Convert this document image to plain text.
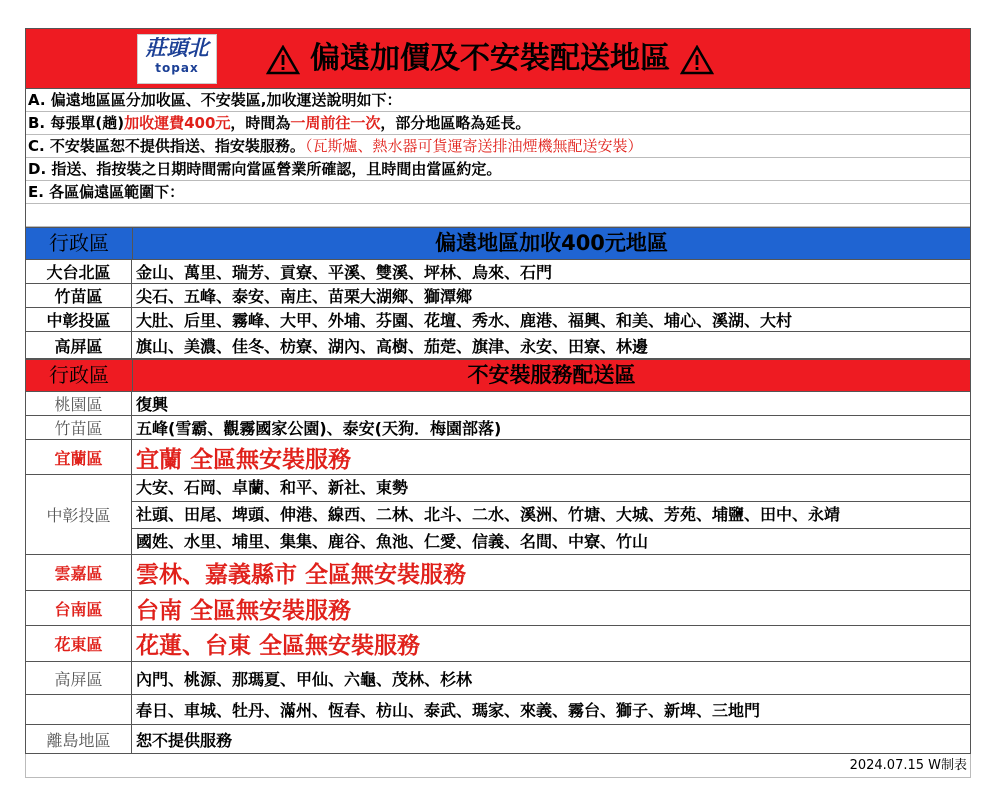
莊頭北
topax	偏遠加價及不安裝配送地區
A. 偏遠地區區分加收區、不安裝區,加收運送說明如下：
B. 每張單(趟)加收運費400元，時間為一周前往一次，部分地區略為延長。
C. 不安裝區恕不提供指送、指安裝服務。（瓦斯爐、熱水器可貨運寄送排油煙機無配送安裝）
D. 指送、指按裝之日期時間需向當區營業所確認，且時間由當區約定。
E. 各區偏遠區範圍下：
行政區	偏遠地區加收400元地區
大台北區	金山、萬里、瑞芳、貢寮、平溪、雙溪、坪林、烏來、石門
竹苗區	尖石、五峰、泰安、南庄、苗栗大湖鄉、獅潭鄉
中彰投區	大肚、后里、霧峰、大甲、外埔、芬園、花壇、秀水、鹿港、福興、和美、埔心、溪湖、大村
高屏區	旗山、美濃、佳冬、枋寮、湖內、高樹、茄萣、旗津、永安、田寮、林邊
行政區	不安裝服務配送區
桃園區	復興
竹苗區	五峰(雪霸、觀霧國家公園)、泰安(天狗．梅園部落)
宜蘭區	宜蘭 全區無安裝服務
中彰投區
大安、石岡、卓蘭、和平、新社、東勢
社頭、田尾、埤頭、伸港、線西、二林、北斗、二水、溪洲、竹塘、大城、芳苑、埔鹽、田中、永靖
國姓、水里、埔里、集集、鹿谷、魚池、仁愛、信義、名間、中寮、竹山
雲嘉區	雲林、嘉義縣市 全區無安裝服務
台南區	台南 全區無安裝服務
花東區	花蓮、台東 全區無安裝服務
高屏區	內門、桃源、那瑪夏、甲仙、六龜、茂林、杉林
春日、車城、牡丹、滿州、恆春、枋山、泰武、瑪家、來義、霧台、獅子、新埤、三地門
離島地區	恕不提供服務
2024.07.15 W制表
